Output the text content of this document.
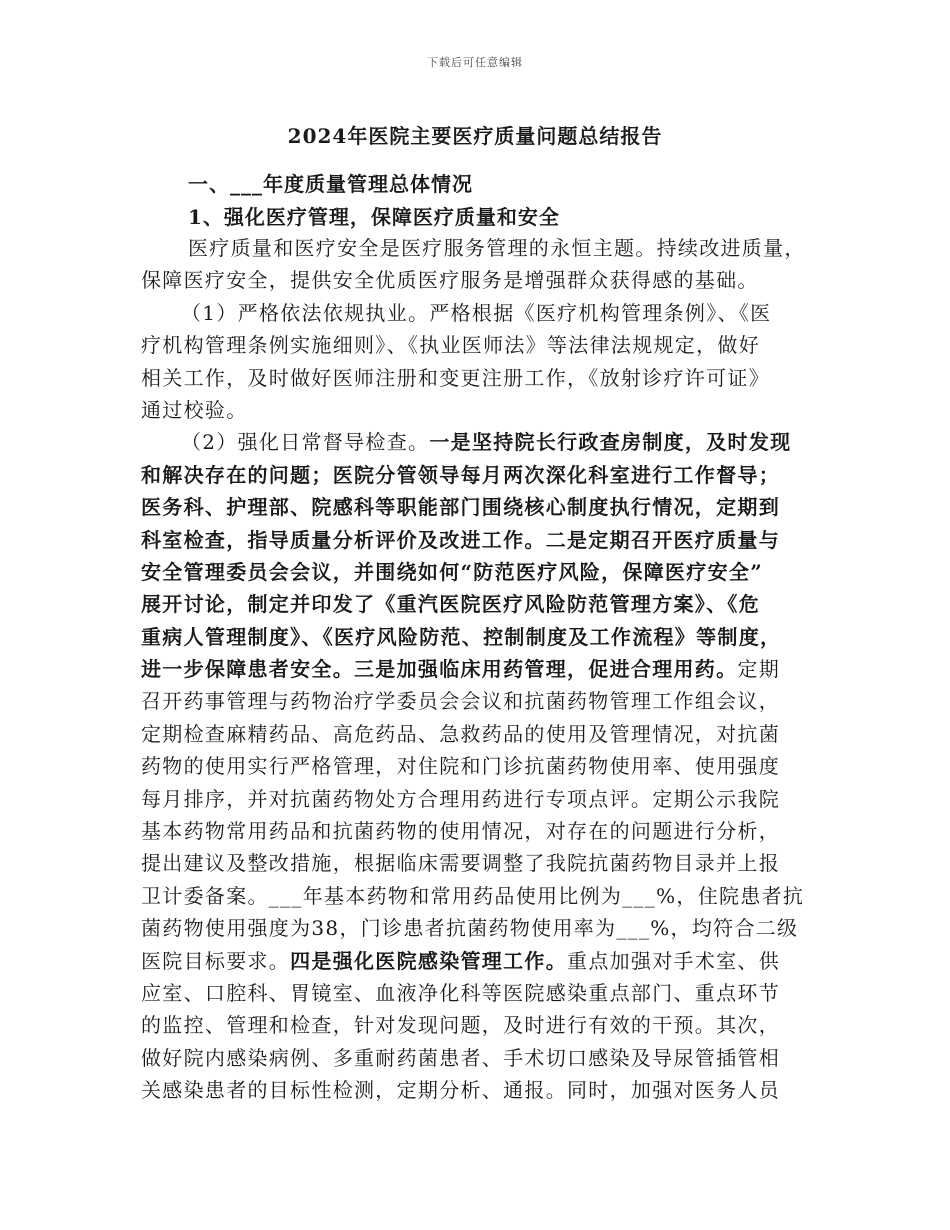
下载后可任意编辑
2024年医院主要医疗质量问题总结报告
一、___年度质量管理总体情况
1、强化医疗管理，保障医疗质量和安全
医疗质量和医疗安全是医疗服务管理的永恒主题。持续改进质量，
保障医疗安全，提供安全优质医疗服务是增强群众获得感的基础。
（1）严格依法依规执业。严格根据《医疗机构管理条例》、《医
疗机构管理条例实施细则》、《执业医师法》等法律法规规定，做好
相关工作，及时做好医师注册和变更注册工作，《放射诊疗许可证》
通过校验。
（2）强化日常督导检查。一是坚持院长行政查房制度，及时发现
和解决存在的问题；医院分管领导每月两次深化科室进行工作督导；
医务科、护理部、院感科等职能部门围绕核心制度执行情况，定期到
科室检查，指导质量分析评价及改进工作。二是定期召开医疗质量与
安全管理委员会会议，并围绕如何“防范医疗风险，保障医疗安全”
展开讨论，制定并印发了《重汽医院医疗风险防范管理方案》、《危
重病人管理制度》、《医疗风险防范、控制制度及工作流程》等制度，
进一步保障患者安全。三是加强临床用药管理，促进合理用药。定期
召开药事管理与药物治疗学委员会会议和抗菌药物管理工作组会议，
定期检查麻精药品、高危药品、急救药品的使用及管理情况，对抗菌
药物的使用实行严格管理，对住院和门诊抗菌药物使用率、使用强度
每月排序，并对抗菌药物处方合理用药进行专项点评。定期公示我院
基本药物常用药品和抗菌药物的使用情况，对存在的问题进行分析，
提出建议及整改措施，根据临床需要调整了我院抗菌药物目录并上报
卫计委备案。___年基本药物和常用药品使用比例为___%，住院患者抗
菌药物使用强度为38，门诊患者抗菌药物使用率为___%，均符合二级
医院目标要求。四是强化医院感染管理工作。重点加强对手术室、供
应室、口腔科、胃镜室、血液净化科等医院感染重点部门、重点环节
的监控、管理和检查，针对发现问题，及时进行有效的干预。其次，
做好院内感染病例、多重耐药菌患者、手术切口感染及导尿管插管相
关感染患者的目标性检测，定期分析、通报。同时，加强对医务人员
